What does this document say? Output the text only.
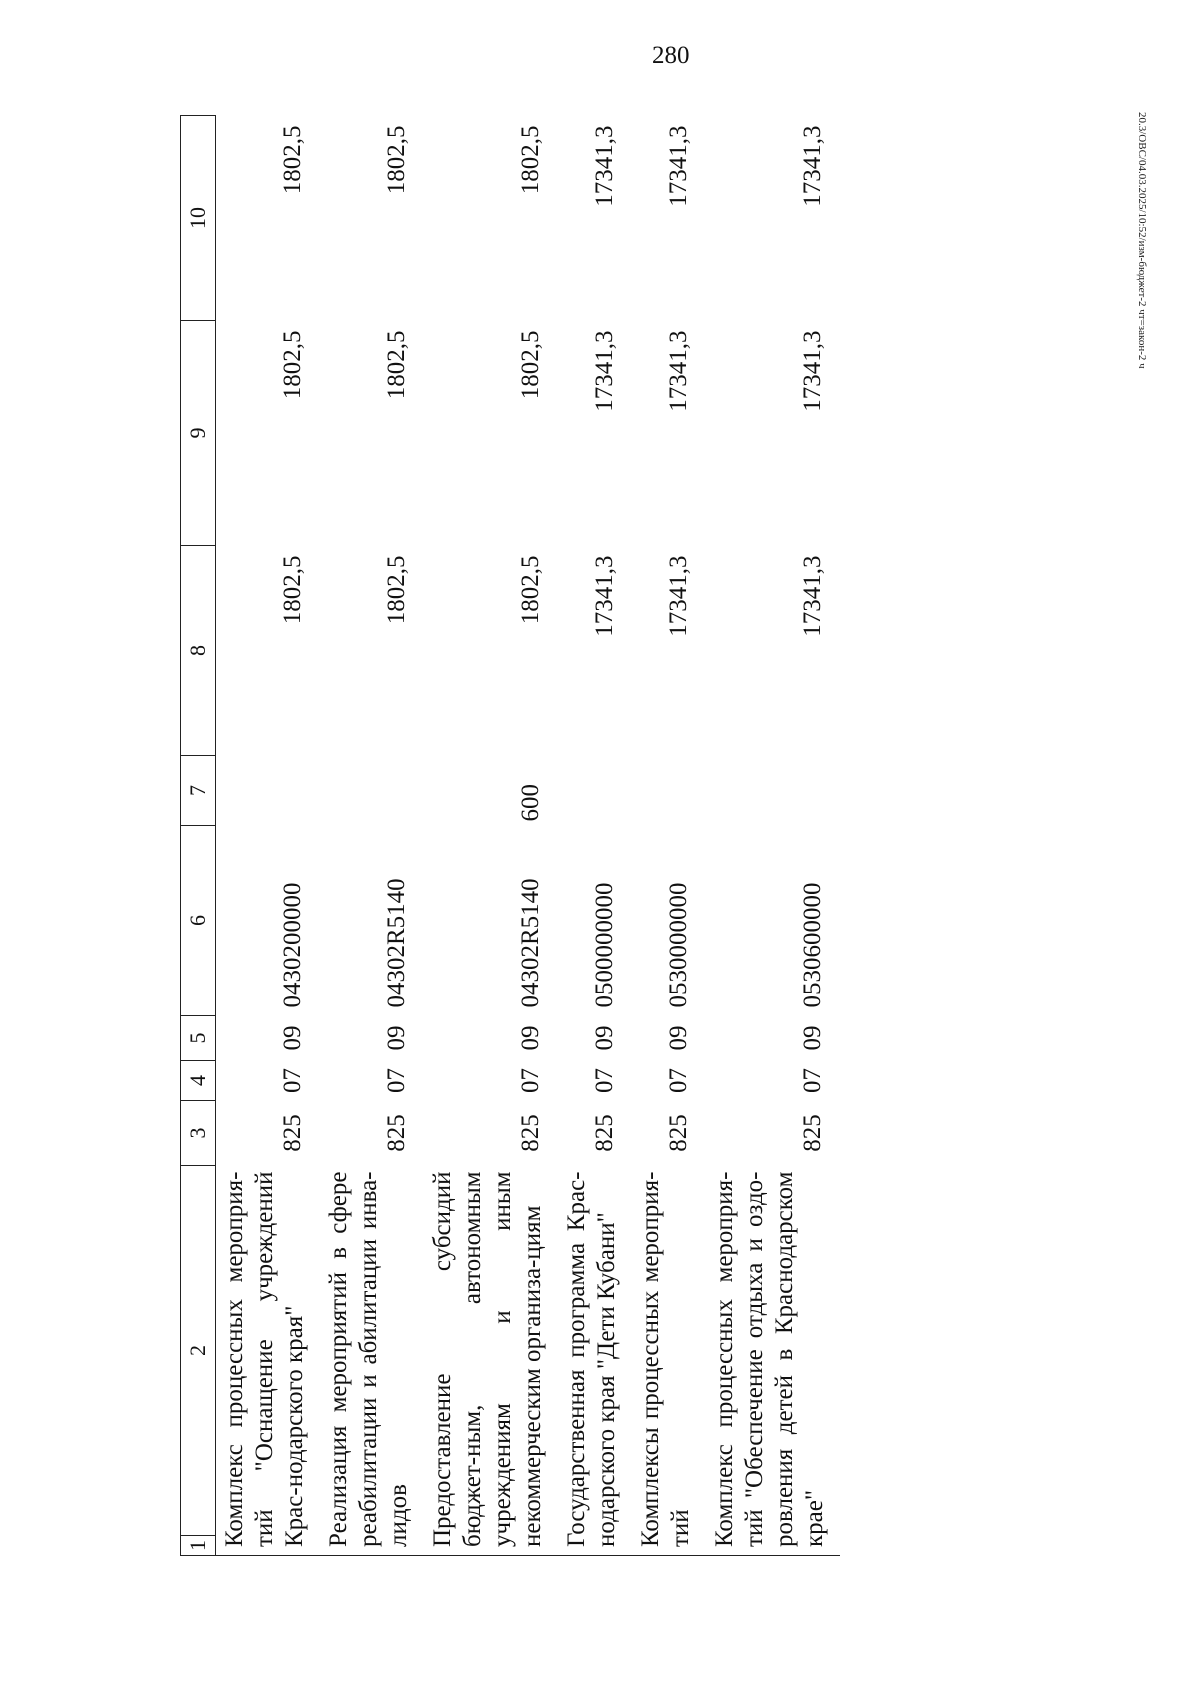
280
20.3/ОВС/04.03.2025/10:52/изм-бюджет-2 чт=закон-2 ч
1	2	3	4	5	6	7	8	9	10
Комплекс процессных мероприя-тий "Оснащение учреждений Крас-нодарского края"		825	07	09	0430200000		1802,5	1802,5	1802,5
Реализация мероприятий в сфере реабилитации и абилитации инва-лидов		825	07	09	04302R5140		1802,5	1802,5	1802,5
Предоставление субсидий бюджет-ным, автономным учреждениям и иным некоммерческим организа-циям		825	07	09	04302R5140	600	1802,5	1802,5	1802,5
Государственная программа Крас-нодарского края "Дети Кубани"		825	07	09	0500000000		17341,3	17341,3	17341,3
Комплексы процессных мероприя-тий		825	07	09	0530000000		17341,3	17341,3	17341,3
Комплекс процессных мероприя-тий "Обеспечение отдыха и оздо-ровления детей в Краснодарском крае"		825	07	09	0530600000		17341,3	17341,3	17341,3
